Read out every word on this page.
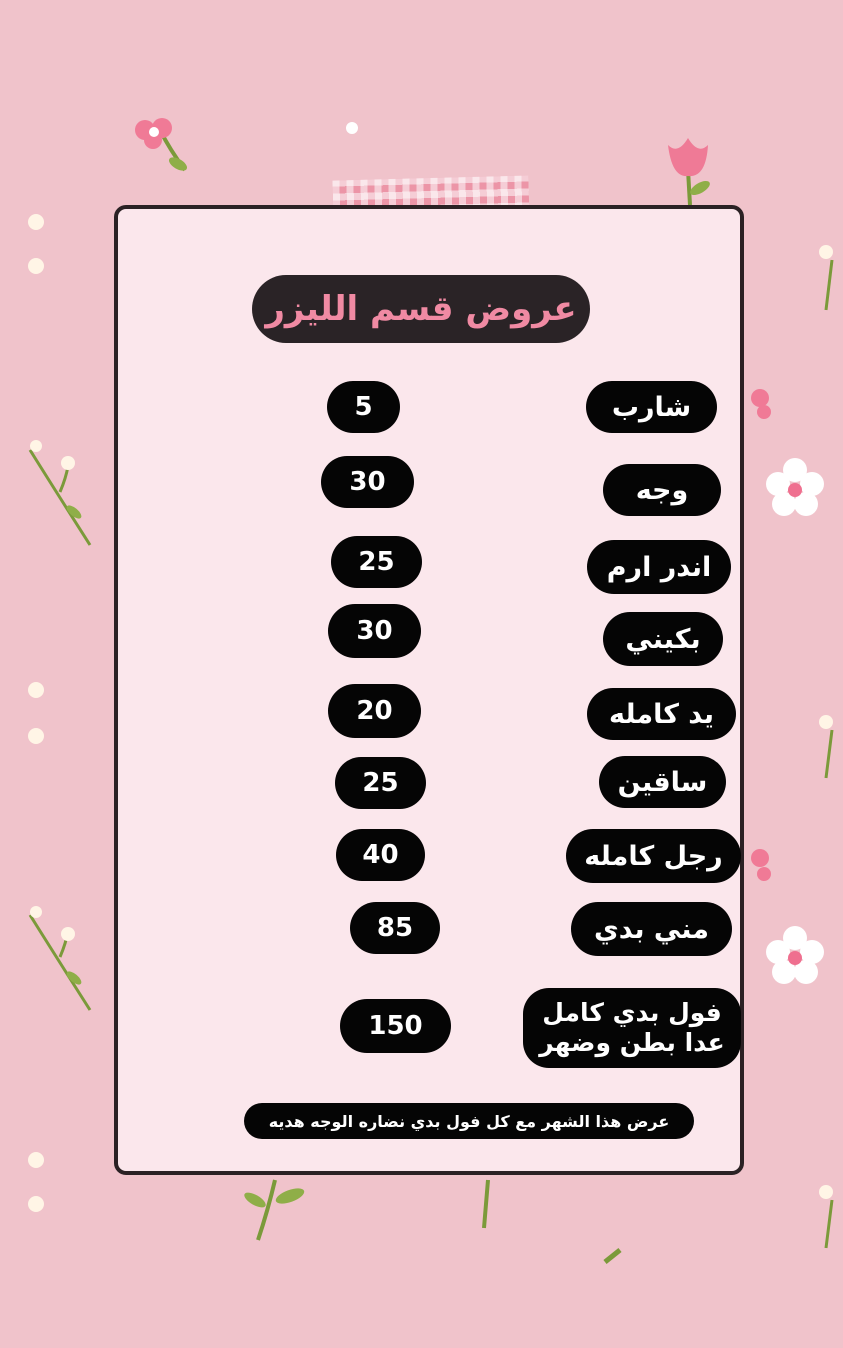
عروض قسم الليزر
شارب
5
وجه
30
اندر ارم
25
بكيني
30
يد كامله
20
ساقين
25
رجل كامله
40
مني بدي
85
فول بدي كامل
عدا بطن وضهر
150
عرض هذا الشهر مع كل فول بدي نضاره الوجه هديه
